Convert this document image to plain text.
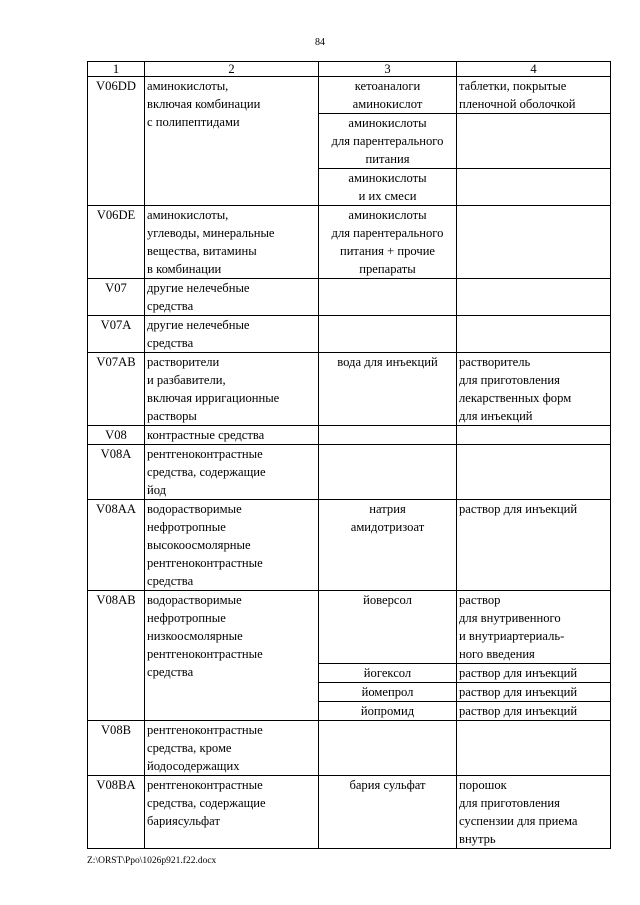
84
1	2	3	4
V06DD	аминокислоты,
включая комбинации
с полипептидами	кетоаналоги
аминокислот	таблетки, покрытые
пленочной оболочкой
		аминокислоты
для парентерального
питания	
		аминокислоты
и их смеси	
V06DE	аминокислоты,
углеводы, минеральные
вещества, витамины
в комбинации	аминокислоты
для парентерального
питания + прочие
препараты	
V07	другие нелечебные
средства		
V07A	другие нелечебные
средства		
V07AB	растворители
и разбавители,
включая ирригационные
растворы	вода для инъекций	растворитель
для приготовления
лекарственных форм
для инъекций
V08	контрастные средства		
V08A	рентгеноконтрастные
средства, содержащие
йод		
V08AA	водорастворимые
нефротропные
высокоосмолярные
рентгеноконтрастные
средства	натрия
амидотризоат	раствор для инъекций
V08AB	водорастворимые
нефротропные
низкоосмолярные
рентгеноконтрастные
средства	йоверсол	раствор
для внутривенного
и внутриартериаль-
ного введения
		йогексол	раствор для инъекций
		йомепрол	раствор для инъекций
		йопромид	раствор для инъекций
V08B	рентгеноконтрастные
средства, кроме
йодосодержащих		
V08BA	рентгеноконтрастные
средства, содержащие
бариясульфат	бария сульфат	порошок
для приготовления
суспензии для приема
внутрь
Z:\ORST\Ppo\1026p921.f22.docx
